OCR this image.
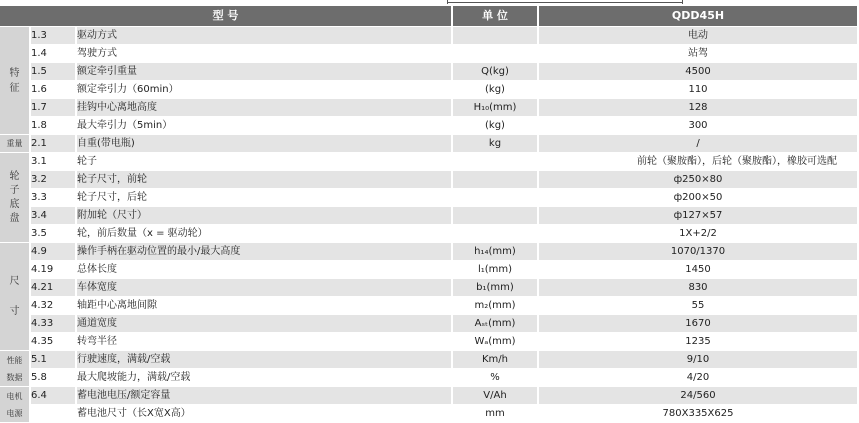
型 号			单 位	QDD45H
特
征	1.3	驱动方式		电动
	1.4	驾驶方式		站驾
	1.5	额定牵引重量	Q(kg)	4500
	1.6	额定牵引力（60min）	(kg)	110
	1.7	挂钩中心离地高度	H₁₀(mm)	128
	1.8	最大牵引力（5min）	(kg)	300
重量	2.1	自重(带电瓶)	kg	/
轮
子
底
盘	3.1	轮子		前轮（聚胺酯），后轮（聚胺酯），橡胶可选配
	3.2	轮子尺寸，前轮		ф250×80
	3.3	轮子尺寸，后轮		ф200×50
	3.4	附加轮（尺寸）		ф127×57
	3.5	轮，前后数量（x = 驱动轮）		1X+2/2
尺

寸	4.9	操作手柄在驱动位置的最小/最大高度	h₁₄(mm)	1070/1370
	4.19	总体长度	l₁(mm)	1450
	4.21	车体宽度	b₁(mm)	830
	4.32	轴距中心离地间隙	m₂(mm)	55
	4.33	通道宽度	Aₛₜ(mm)	1670
	4.35	转弯半径	Wₐ(mm)	1235
性能
数据	5.1	行驶速度，满载/空载	Km/h	9/10
	5.8	最大爬坡能力，满载/空载	%	4/20
电机
电源	6.4	蓄电池电压/额定容量	V/Ah	24/560
		蓄电池尺寸（长X宽X高）	mm	780X335X625
